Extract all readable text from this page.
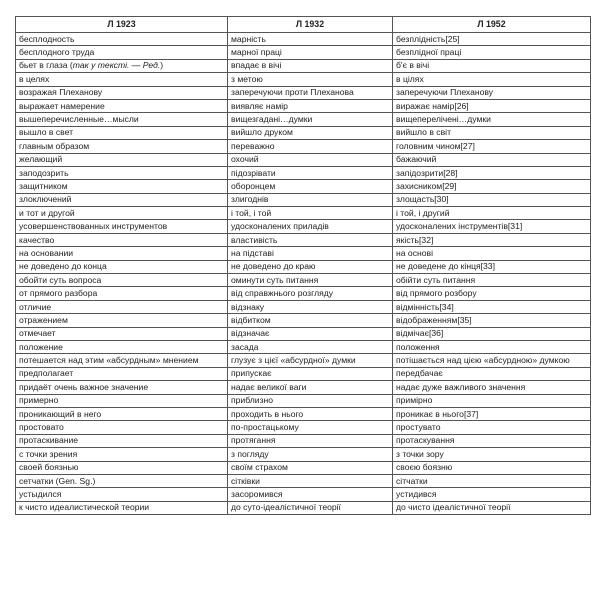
Л 1923	Л 1932	Л 1952
бесплодность	марність	безплідність[25]
бесплодного труда	марної праці	безплідної праці
бьет в глаза (так у тексті. — Ред.)	впадає в вічі	б'є в вічі
в целях	з метою	в цілях
возражая Плеханову	заперечуючи проти Плеханова	заперечуючи Плеханову
выражает намерение	виявляє намір	виражає намір[26]
вышеперечисленные…мысли	вищезгадані…думки	вищеперелічені…думки
вышло в свет	вийшло друком	вийшло в світ
главным образом	переважно	головним чином[27]
желающий	охочий	бажаючий
заподозрить	підозрівати	запідозрити[28]
защитником	оборонцем	захисником[29]
злоключений	злигоднів	злощасть[30]
и тот и другой	і той, і той	і той, і другий
усовершенствованных инструментов	удосконалених приладів	удосконалених інструментів[31]
качество	властивість	якість[32]
на основании	на підставі	на основі
не доведено до конца	не доведено до краю	не доведене до кінця[33]
обойти суть вопроса	оминути суть питання	обійти суть питання
от прямого разбора	від справжнього розгляду	від прямого розбору
отличие	відзнаку	відмінність[34]
отражением	відбитком	відображенням[35]
отмечает	відзначає	відмічає[36]
положение	засада	положення
потешается над этим «абсурдным» мнением	глузує з цієї «абсурдної» думки	потішається над цією «абсурдною» думкою
предполагает	припускає	передбачає
придаёт очень важное значение	надає великої ваги	надає дуже важливого значення
примерно	приблизно	примірно
проникающий в него	проходить в нього	проникає в нього[37]
простовато	по-простацькому	простувато
протаскивание	протягання	протаскування
с точки зрения	з погляду	з точки зору
своей боязнью	своїм страхом	своєю боязню
сетчатки (Gen. Sg.)	сітківки	сітчатки
устыдился	засоромився	устидився
к чисто идеалистической теории	до суто-ідеалістичної теорії	до чисто ідеалістичної теорії
